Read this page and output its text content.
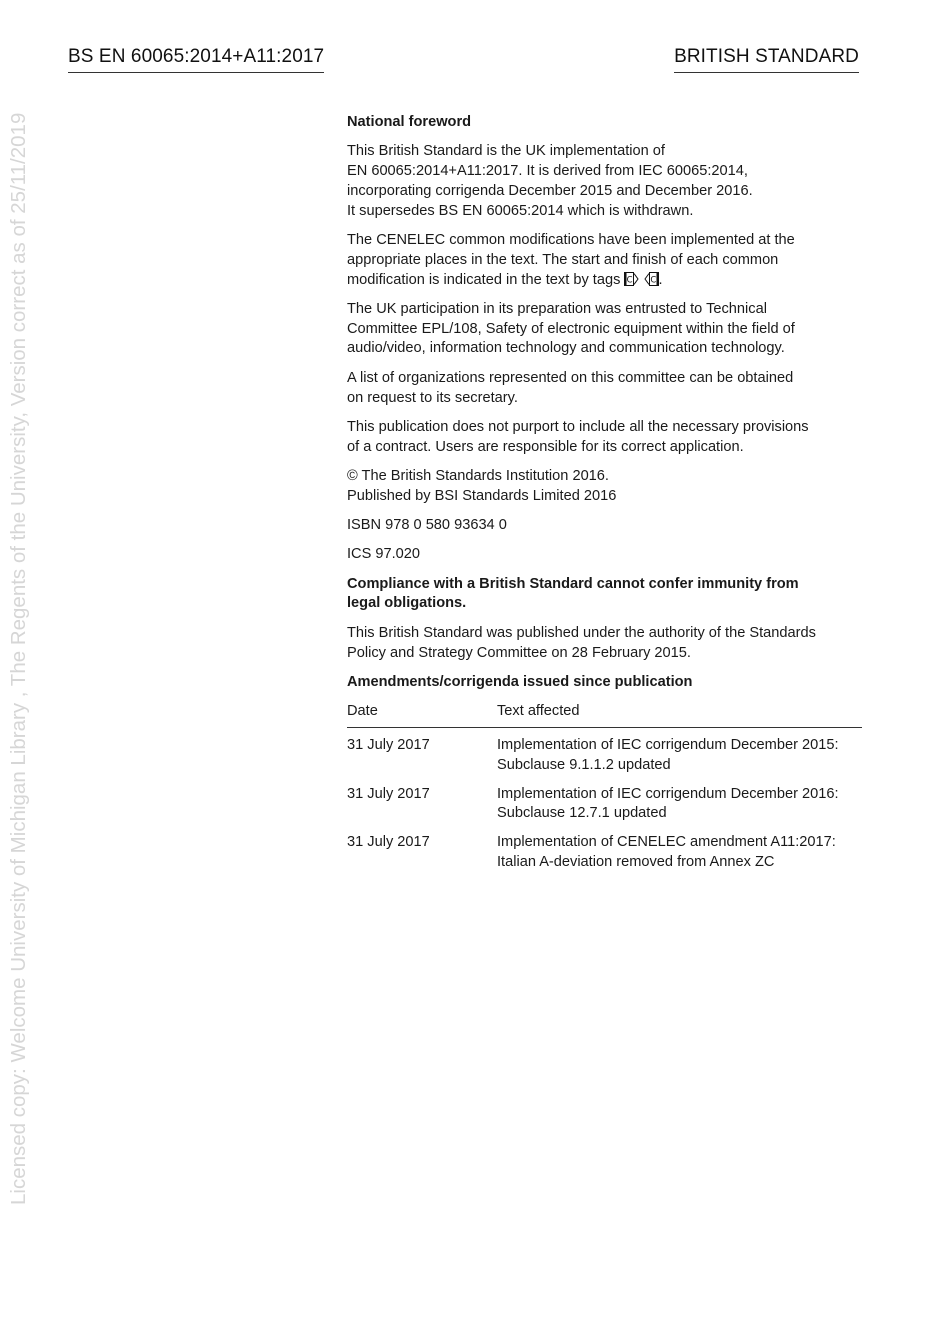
BS EN 60065:2014+A11:2017	BRITISH STANDARD
Licensed copy: Welcome University of Michigan Library , The Regents of the University, Version correct as of 25/11/2019	National foreword

This British Standard is the UK implementation of
EN 60065:2014+A11:2017. It is derived from IEC 60065:2014,
incorporating corrigenda December 2015 and December 2016.
It supersedes BS EN 60065:2014 which is withdrawn.

The CENELEC common modifications have been implemented at the
appropriate places in the text. The start and finish of each common
modification is indicated in the text by tags C
C .

The UK participation in its preparation was entrusted to Technical
Committee EPL/108, Safety of electronic equipment within the field of
audio/video, information technology and communication technology.

A list of organizations represented on this committee can be obtained
on request to its secretary.

This publication does not purport to include all the necessary provisions
of a contract. Users are responsible for its correct application.

© The British Standards Institution 2016.
Published by BSI Standards Limited 2016

ISBN 978 0 580 93634 0

ICS 97.020

Compliance with a British Standard cannot confer immunity from
legal obligations.

This British Standard was published under the authority of the Standards
Policy and Strategy Committee on 28 February 2015.

Amendments/corrigenda issued since publication
Date	Text affected
31 July 2017	Implementation of IEC corrigendum December 2015:
Subclause 9.1.1.2 updated
31 July 2017	Implementation of IEC corrigendum December 2016:
Subclause 12.7.1 updated
31 July 2017	Implementation of CENELEC amendment A11:2017:
Italian A-deviation removed from Annex ZC
